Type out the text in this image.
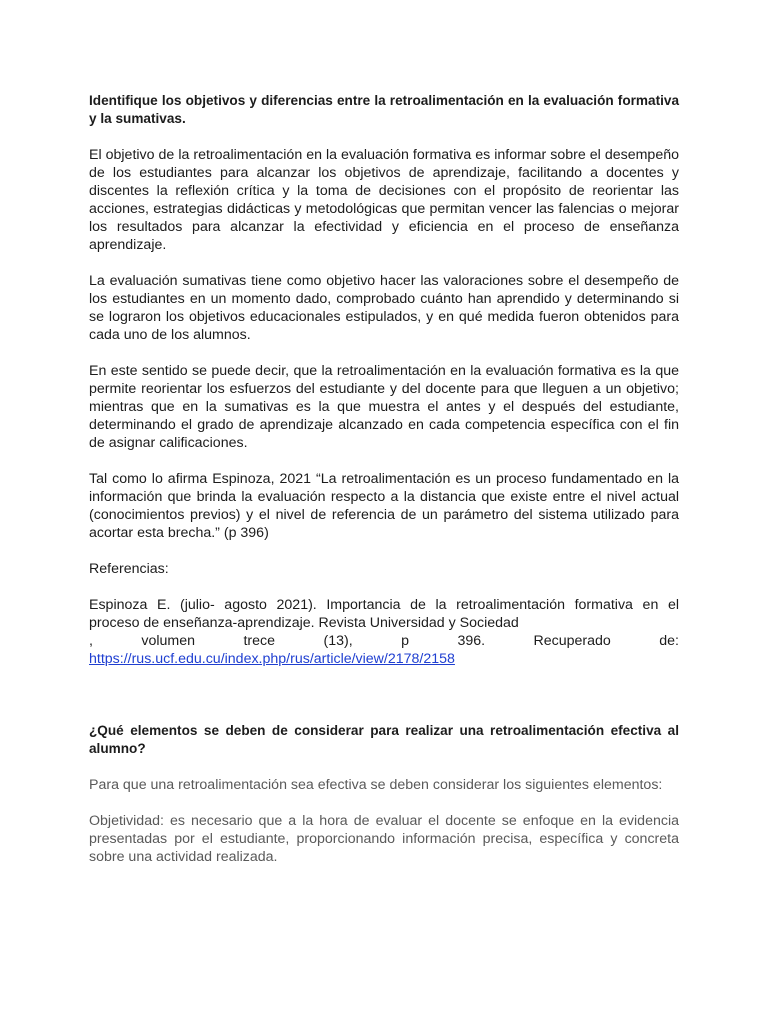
Identifique los objetivos y diferencias entre la retroalimentación en la evaluación formativa y la sumativas.

El objetivo de la retroalimentación en la evaluación formativa es informar sobre el desempeño de los estudiantes para alcanzar los objetivos de aprendizaje, facilitando a docentes y discentes la reflexión crítica y la toma de decisiones con el propósito de reorientar las acciones, estrategias didácticas y metodológicas que permitan vencer las falencias o mejorar los resultados para alcanzar la efectividad y eficiencia en el proceso de enseñanza aprendizaje.

La evaluación sumativas tiene como objetivo hacer las valoraciones sobre el desempeño de los estudiantes en un momento dado, comprobado cuánto han aprendido y determinando si se lograron los objetivos educacionales estipulados, y en qué medida fueron obtenidos para cada uno de los alumnos.

En este sentido se puede decir, que la retroalimentación en la evaluación formativa es la que permite reorientar los esfuerzos del estudiante y del docente para que lleguen a un objetivo; mientras que en la sumativas es la que muestra el antes y el después del estudiante, determinando el grado de aprendizaje alcanzado en cada competencia específica con el fin de asignar calificaciones.

Tal como lo afirma Espinoza, 2021 “La retroalimentación es un proceso fundamentado en la información que brinda la evaluación respecto a la distancia que existe entre el nivel actual (conocimientos previos) y el nivel de referencia de un parámetro del sistema utilizado para acortar esta brecha.” (p 396)

Referencias:

Espinoza E. (julio- agosto 2021). Importancia de la retroalimentación formativa en el
proceso de enseñanza-aprendizaje. Revista Universidad y Sociedad
, volumen trece (13), p 396. Recuperado de:
https://rus.ucf.edu.cu/index.php/rus/article/view/2178/2158

¿Qué elementos se deben de considerar para realizar una retroalimentación efectiva al alumno?

Para que una retroalimentación sea efectiva se deben considerar los siguientes elementos:

Objetividad: es necesario que a la hora de evaluar el docente se enfoque en la evidencia presentadas por el estudiante, proporcionando información precisa, específica y concreta sobre una actividad realizada.
